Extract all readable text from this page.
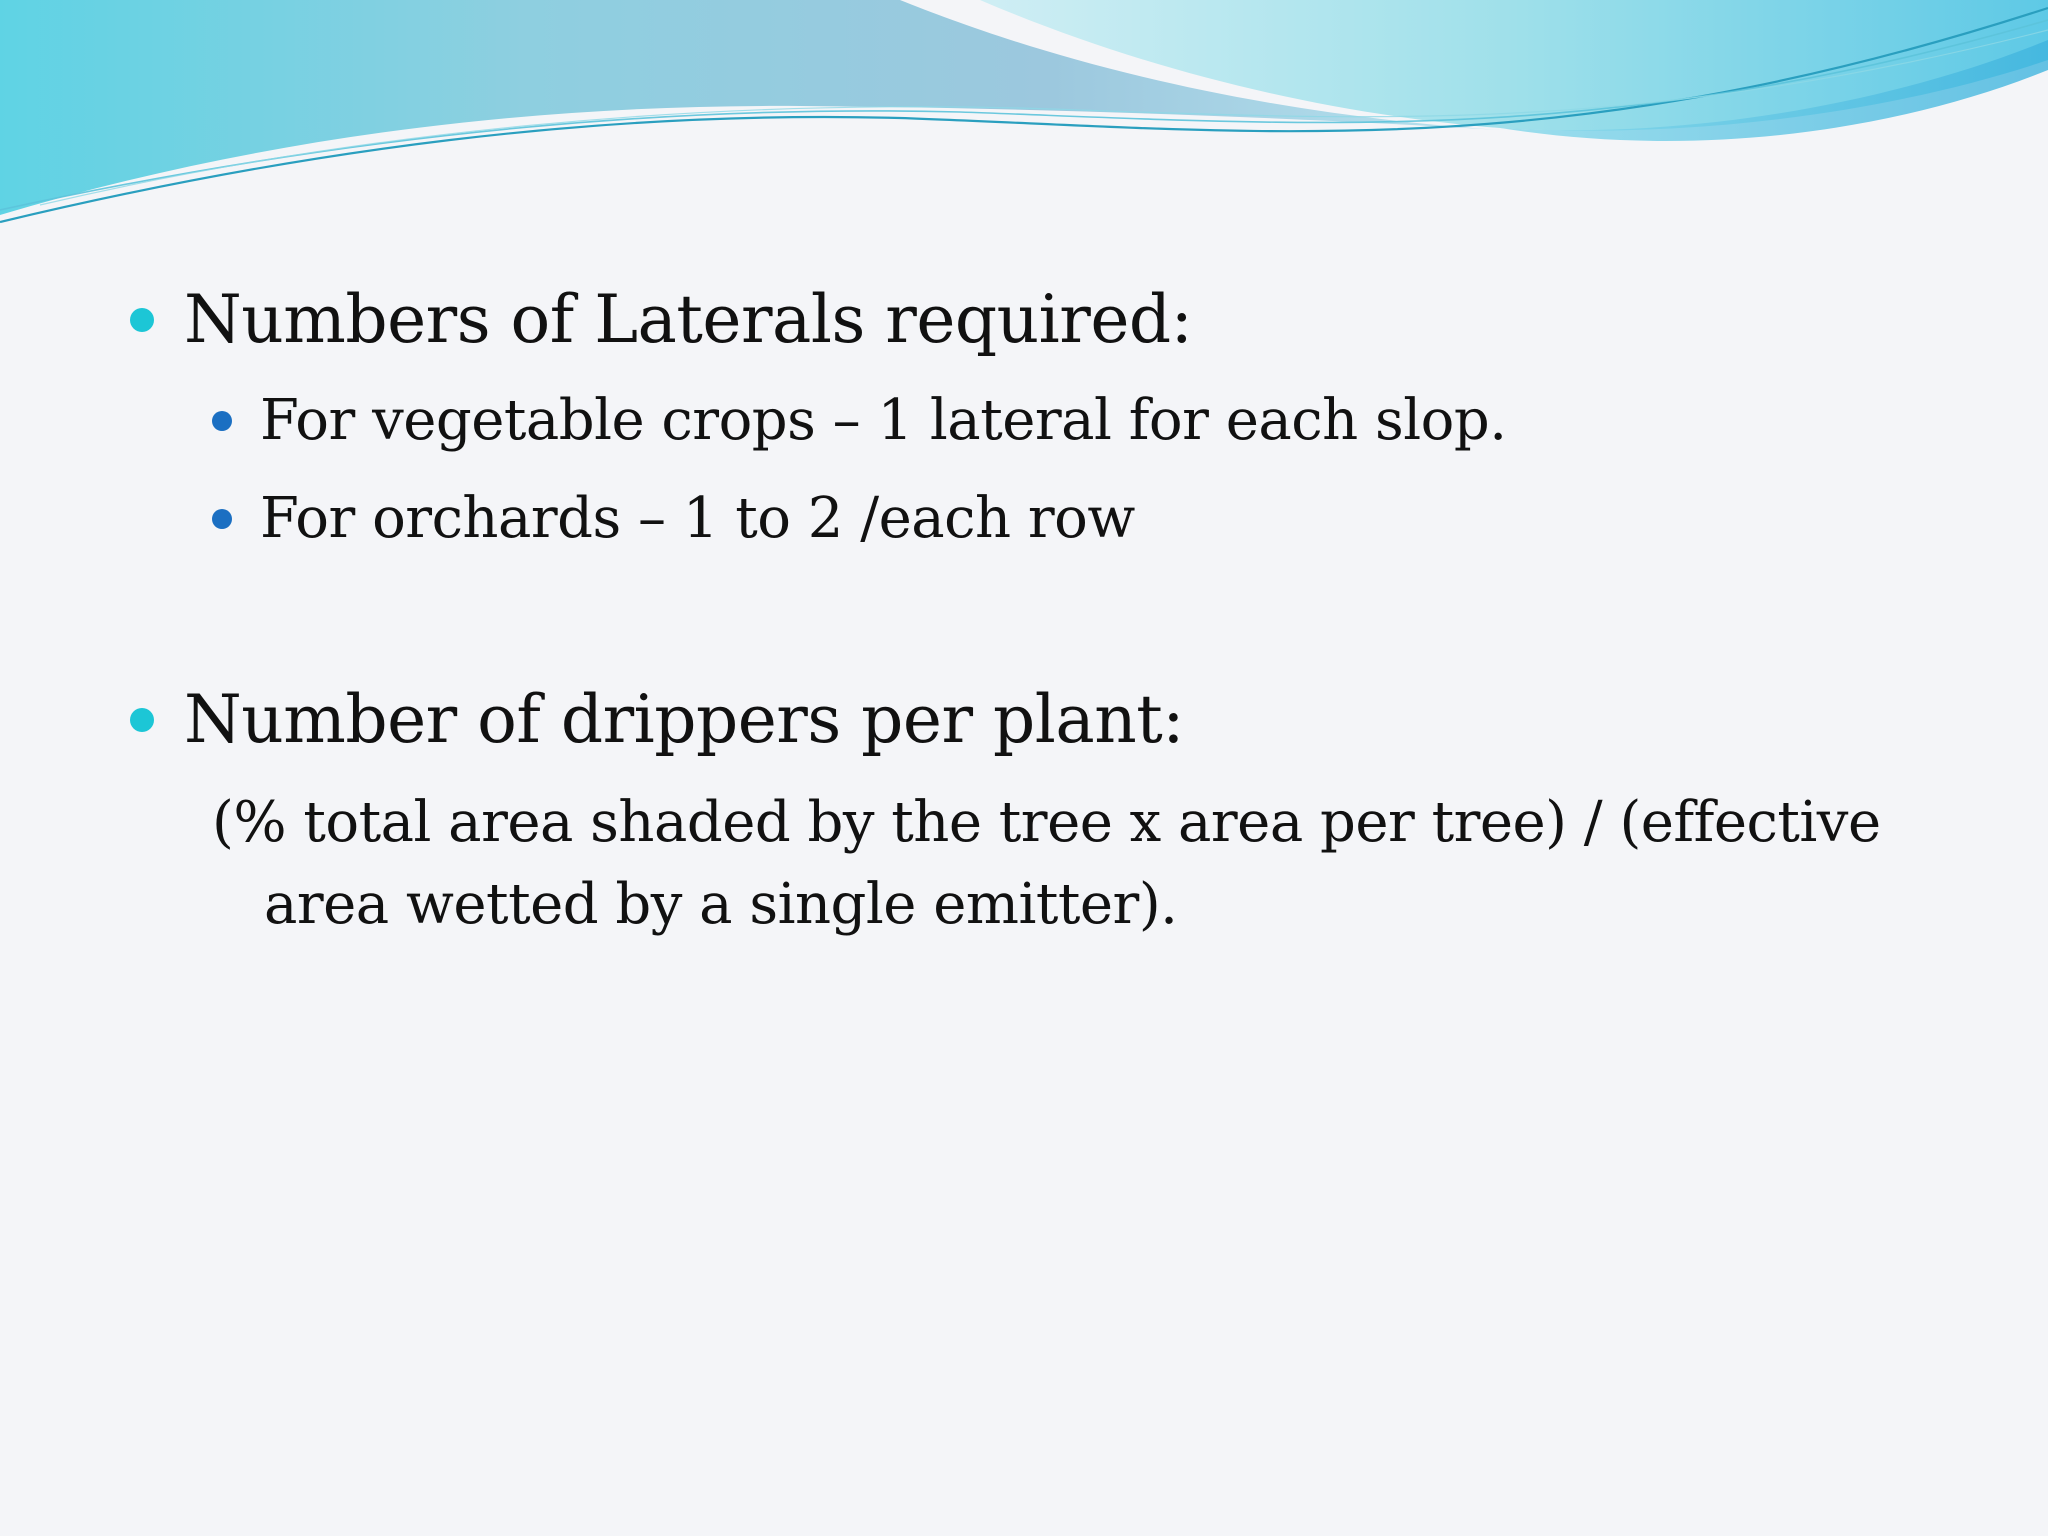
Numbers of Laterals required:
For vegetable crops – 1 lateral for each slop.
For orchards – 1 to 2 /each row
Number of drippers per plant:
(% total area shaded by the tree x area per tree) / (effective
area wetted by a single emitter).
